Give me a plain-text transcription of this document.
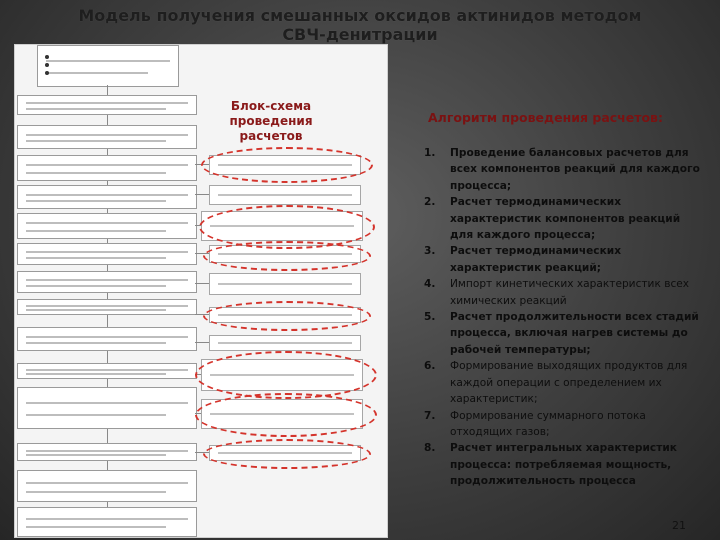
Модель получения смешанных оксидов актинидов методом
СВЧ-денитрации
Блок-схема проведения расчетов
Алгоритм проведения расчетов:
1. Проведение балансовых расчетов для всех компонентов реакций для каждого процесса;
2. Расчет термодинамических характеристик компонентов реакций для каждого процесса;
3. Расчет термодинамических характеристик реакций;
4. Импорт кинетических характеристик всех химических реакций
5. Расчет продолжительности всех стадий процесса, включая нагрев системы до рабочей температуры;
6. Формирование выходящих продуктов для каждой операции с определением их характеристик;
7. Формирование суммарного потока отходящих газов;
8. Расчет интегральных характеристик процесса: потребляемая мощность, продолжительность процесса
21
